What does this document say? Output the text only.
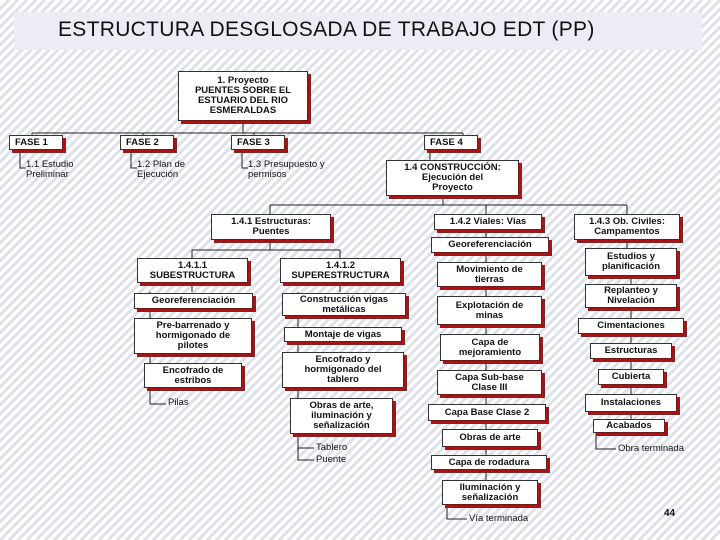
ESTRUCTURA DESGLOSADA DE TRABAJO EDT (PP)
1. Proyecto
PUENTES SOBRE EL
ESTUARIO DEL RIO
ESMERALDAS
FASE 1	FASE 2	FASE 3	FASE 4
1.1 Estudio
Preliminar
1.2 Plan de
Ejecución
1.3 Presupuesto y
permisos
1.4 CONSTRUCCIÓN:
Ejecución del
Proyecto
1.4.1 Estructuras:
Puentes
1.4.2 Viales: Vías	1.4.3 Ob. Civiles:
Campamentos
1.4.1.1
SUBESTRUCTURA
1.4.1.2
SUPERESTRUCTURA
Georeferenciación
Pre-barrenado y
hormigonado de
pilotes
Encofrado de
estribos
Pilas
Construcción vigas
metálicas
Montaje de vigas
Encofrado y
hormigonado del
tablero
Obras de arte,
iluminación y
señalización
Tablero
Puente
Georeferenciación
Movimiento de
tierras
Explotación de
minas
Capa de
mejoramiento
Capa Sub-base
Clase III
Capa Base Clase 2
Obras de arte
Capa de rodadura
Iluminación y
señalización
Vía terminada
Estudios y
planificación
Replanteo y
Nivelación
Cimentaciones
Estructuras
Cubierta
Instalaciones
Acabados
Obra terminada
44
